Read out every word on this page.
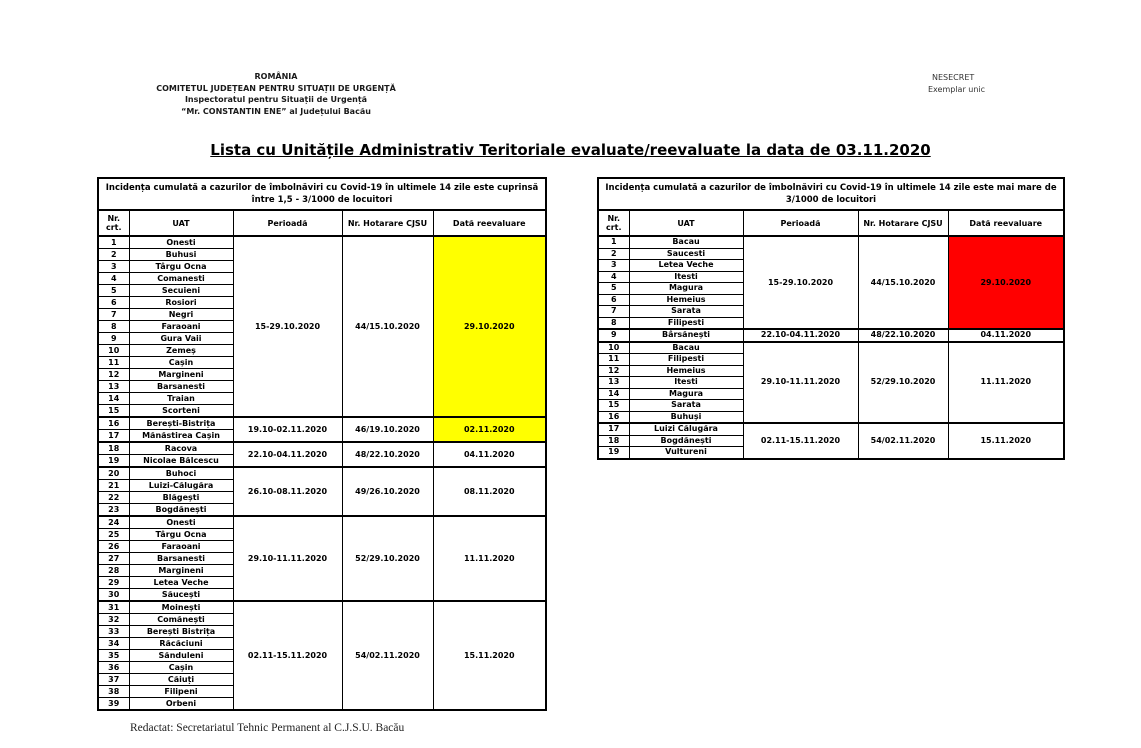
ROMÂNIA
COMITETUL JUDEȚEAN PENTRU SITUAȚII DE URGENȚĂ
Inspectoratul pentru Situații de Urgență
“Mr. CONSTANTIN ENE” al Județului Bacău
NESECRET
Exemplar unic
Lista cu Unitățile Administrativ Teritoriale evaluate/reevaluate la data de 03.11.2020
Incidența cumulată a cazurilor de îmbolnăviri cu Covid-19 în ultimele 14 zile este cuprinsă între 1,5 - 3/1000 de locuitori				
Nr. crt.	UAT	Perioadă	Nr. Hotarare CJSU	Dată reevaluare
1	Onesti	15-29.10.2020	44/15.10.2020	29.10.2020
2	Buhusi			
3	Târgu Ocna			
4	Comanesti			
5	Secuieni			
6	Rosiori			
7	Negri			
8	Faraoani			
9	Gura Vaii			
10	Zemeș			
11	Cașin			
12	Margineni			
13	Barsanesti			
14	Traian			
15	Scorteni			
16	Berești-Bistrița	19.10-02.11.2020	46/19.10.2020	02.11.2020
17	Mănăstirea Cașin			
18	Racova	22.10-04.11.2020	48/22.10.2020	04.11.2020
19	Nicolae Bălcescu			
20	Buhoci	26.10-08.11.2020	49/26.10.2020	08.11.2020
21	Luizi-Călugăra			
22	Blăgești			
23	Bogdănești			
24	Onesti	29.10-11.11.2020	52/29.10.2020	11.11.2020
25	Târgu Ocna			
26	Faraoani			
27	Barsanesti			
28	Margineni			
29	Letea Veche			
30	Săucești			
31	Moinești	02.11-15.11.2020	54/02.11.2020	15.11.2020
32	Comănești			
33	Berești Bistrița			
34	Răcăciuni			
35	Sănduleni			
36	Cașin			
37	Căiuți			
38	Filipeni			
39	Orbeni			
Incidența cumulată a cazurilor de îmbolnăviri cu Covid-19 în ultimele 14 zile este mai mare de 3/1000 de locuitori				
Nr. crt.	UAT	Perioadă	Nr. Hotarare CJSU	Dată reevaluare
1	Bacau	15-29.10.2020	44/15.10.2020	29.10.2020
2	Saucesti			
3	Letea Veche			
4	Itesti			
5	Magura			
6	Hemeius			
7	Sarata			
8	Filipesti			
9	Bârsănești	22.10-04.11.2020	48/22.10.2020	04.11.2020
10	Bacau	29.10-11.11.2020	52/29.10.2020	11.11.2020
11	Filipesti			
12	Hemeius			
13	Itesti			
14	Magura			
15	Sarata			
16	Buhuși			
17	Luizi Călugăra	02.11-15.11.2020	54/02.11.2020	15.11.2020
18	Bogdănești			
19	Vultureni			
Redactat: Secretariatul Tehnic Permanent al C.J.S.U. Bacău
